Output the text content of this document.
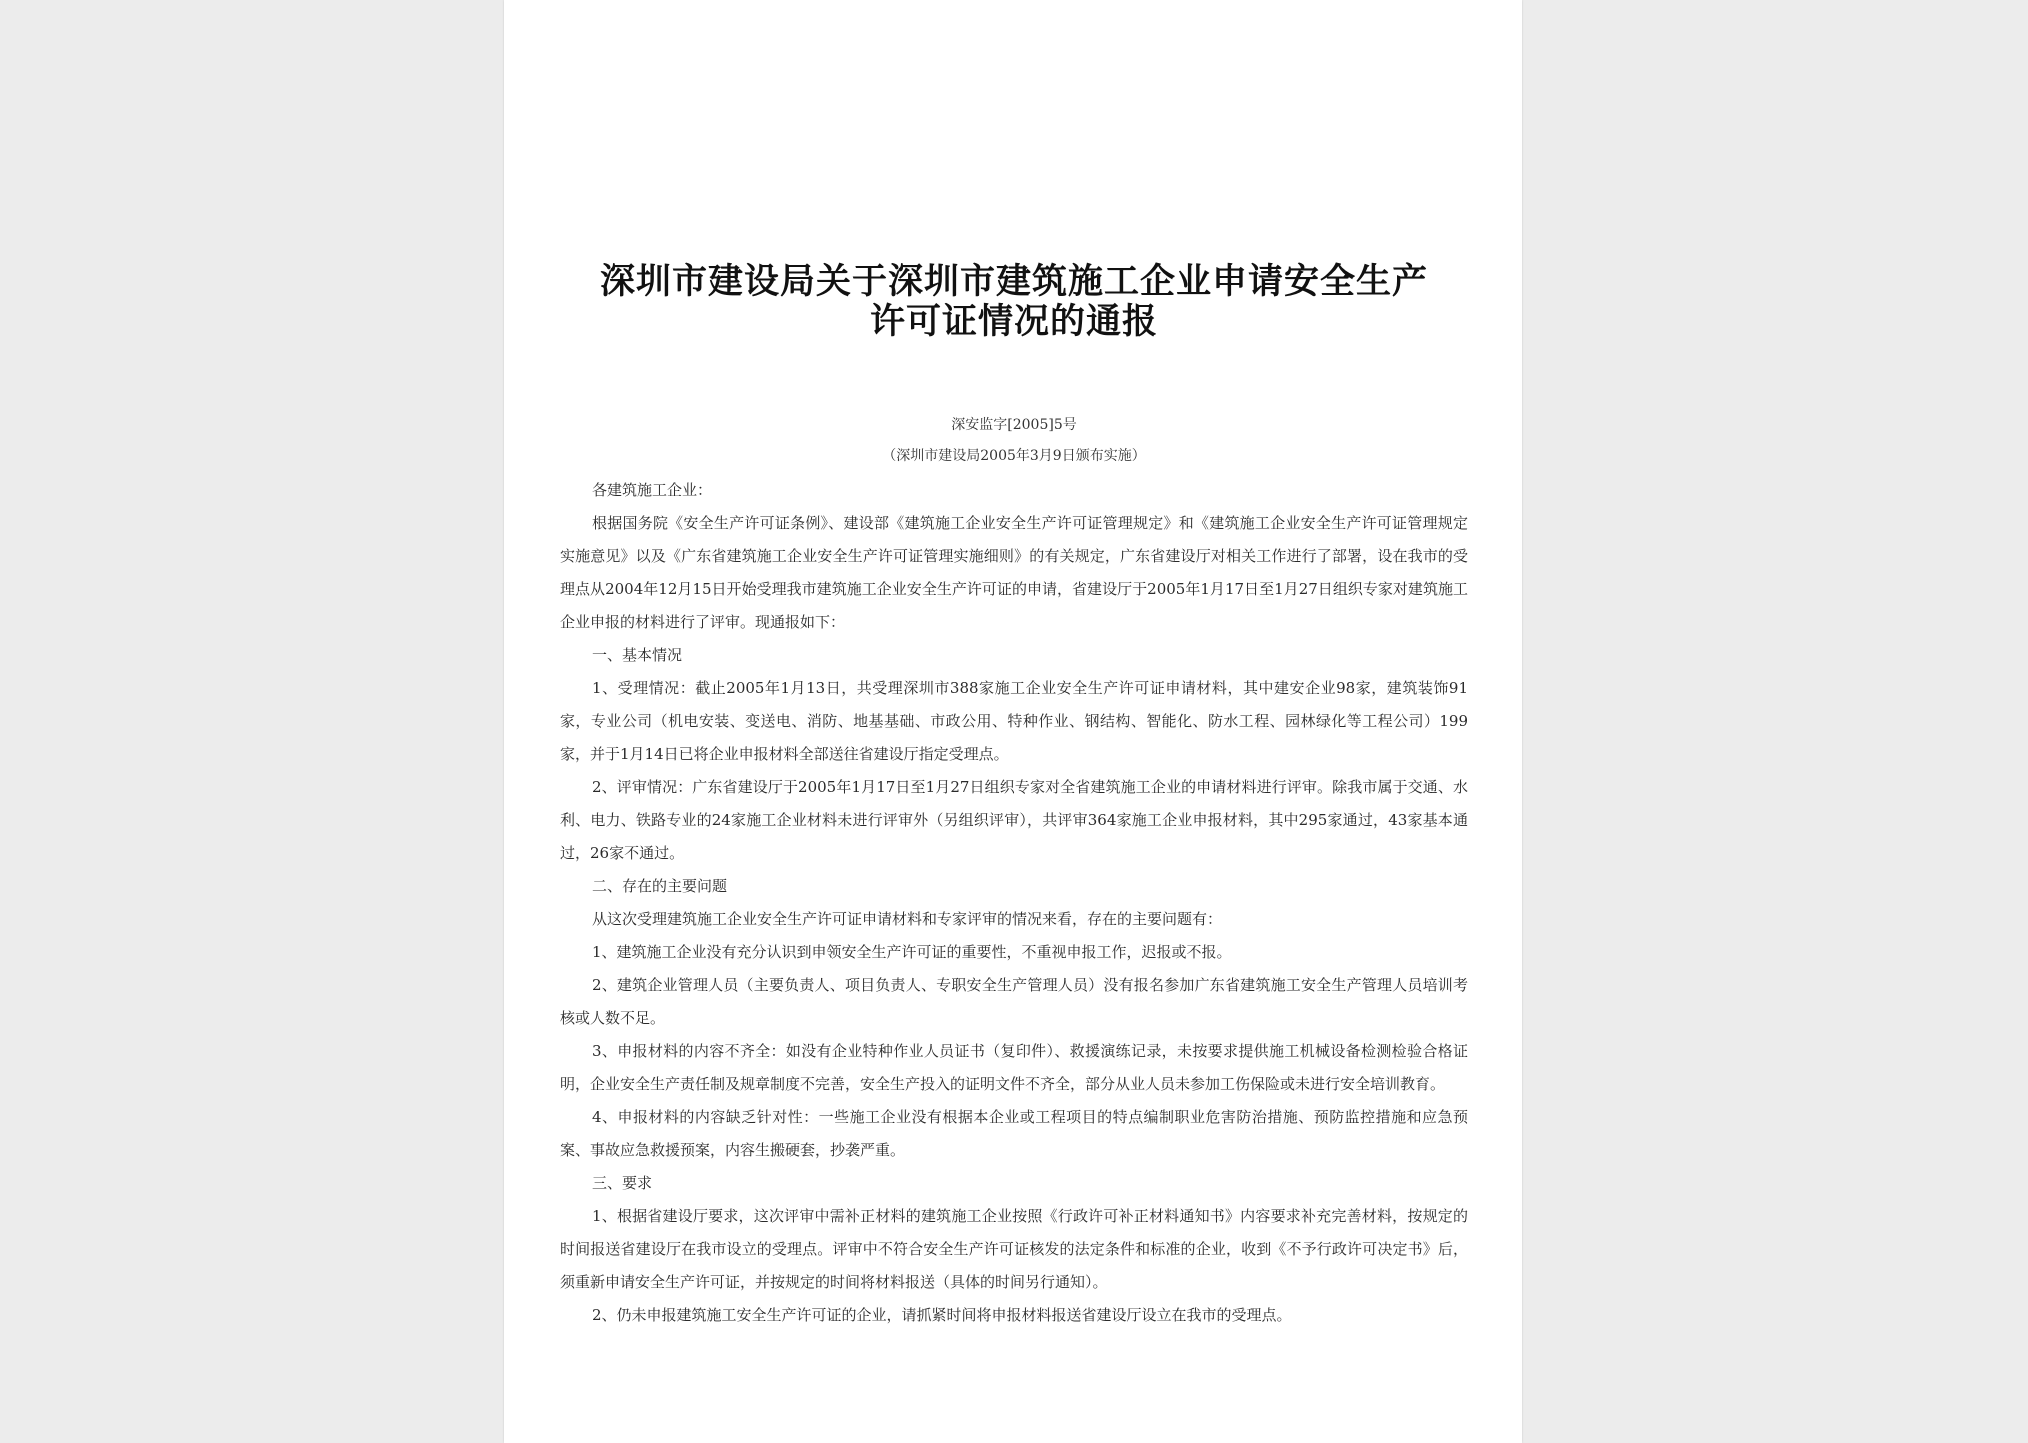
深圳市建设局关于深圳市建筑施工企业申请安全生产
许可证情况的通报
深安监字[2005]5号
（深圳市建设局2005年3月9日颁布实施）

各建筑施工企业：

根据国务院《安全生产许可证条例》、建设部《建筑施工企业安全生产许可证管理规定》和《建筑施工企业安全生产许可证管理规定实施意见》以及《广东省建筑施工企业安全生产许可证管理实施细则》的有关规定，广东省建设厅对相关工作进行了部署，设在我市的受理点从2004年12月15日开始受理我市建筑施工企业安全生产许可证的申请，省建设厅于2005年1月17日至1月27日组织专家对建筑施工企业申报的材料进行了评审。现通报如下：

一、基本情况

1、受理情况：截止2005年1月13日，共受理深圳市388家施工企业安全生产许可证申请材料，其中建安企业98家，建筑装饰91家，专业公司（机电安装、变送电、消防、地基基础、市政公用、特种作业、钢结构、智能化、防水工程、园林绿化等工程公司）199家，并于1月14日已将企业申报材料全部送往省建设厅指定受理点。

2、评审情况：广东省建设厅于2005年1月17日至1月27日组织专家对全省建筑施工企业的申请材料进行评审。除我市属于交通、水利、电力、铁路专业的24家施工企业材料未进行评审外（另组织评审），共评审364家施工企业申报材料，其中295家通过，43家基本通过，26家不通过。

二、存在的主要问题

从这次受理建筑施工企业安全生产许可证申请材料和专家评审的情况来看，存在的主要问题有：

1、建筑施工企业没有充分认识到申领安全生产许可证的重要性，不重视申报工作，迟报或不报。

2、建筑企业管理人员（主要负责人、项目负责人、专职安全生产管理人员）没有报名参加广东省建筑施工安全生产管理人员培训考核或人数不足。

3、申报材料的内容不齐全：如没有企业特种作业人员证书（复印件）、救援演练记录，未按要求提供施工机械设备检测检验合格证明，企业安全生产责任制及规章制度不完善，安全生产投入的证明文件不齐全，部分从业人员未参加工伤保险或未进行安全培训教育。

4、申报材料的内容缺乏针对性：一些施工企业没有根据本企业或工程项目的特点编制职业危害防治措施、预防监控措施和应急预案、事故应急救援预案，内容生搬硬套，抄袭严重。

三、要求

1、根据省建设厅要求，这次评审中需补正材料的建筑施工企业按照《行政许可补正材料通知书》内容要求补充完善材料，按规定的时间报送省建设厅在我市设立的受理点。评审中不符合安全生产许可证核发的法定条件和标准的企业，收到《不予行政许可决定书》后，须重新申请安全生产许可证，并按规定的时间将材料报送（具体的时间另行通知）。

2、仍未申报建筑施工安全生产许可证的企业，请抓紧时间将申报材料报送省建设厅设立在我市的受理点。
